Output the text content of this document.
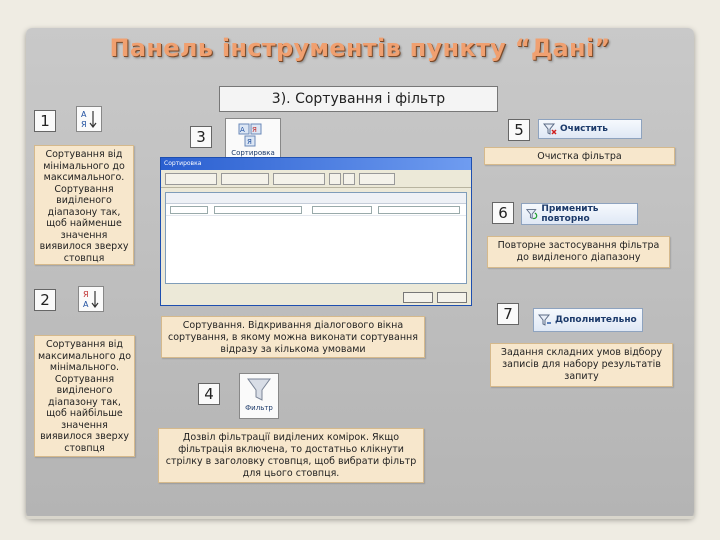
Панель інструментів пункту “Дані”
3). Сортування і фільтр
1	А
Я
Сортування від мінімального до максимального. Сортування виділеного діапазону так, щоб найменше значення виявилося зверху стовпця
2	Я
А
Сортування від максимального до мінімального. Сортування виділеного діапазону так, щоб найбільше значення виявилося зверху стовпця
3	А Я
Я
Сортировка
Сортировка
Сортування. Відкривання діалогового вікна сортування, в якому можна виконати сортування відразу за кількома умовами
4
Фильтр
Дозвіл фільтрації виділених комірок. Якщо фільтрація включена, то достатньо клікнути стрілку в заголовку стовпця, щоб вибрати фільтр для цього стовпця.
5	Очистить
Очистка фільтра
6	Применить повторно
Повторне застосування фільтра до виділеного діапазону
7	Дополнительно
Задання складних умов відбору записів для набору результатів запиту
